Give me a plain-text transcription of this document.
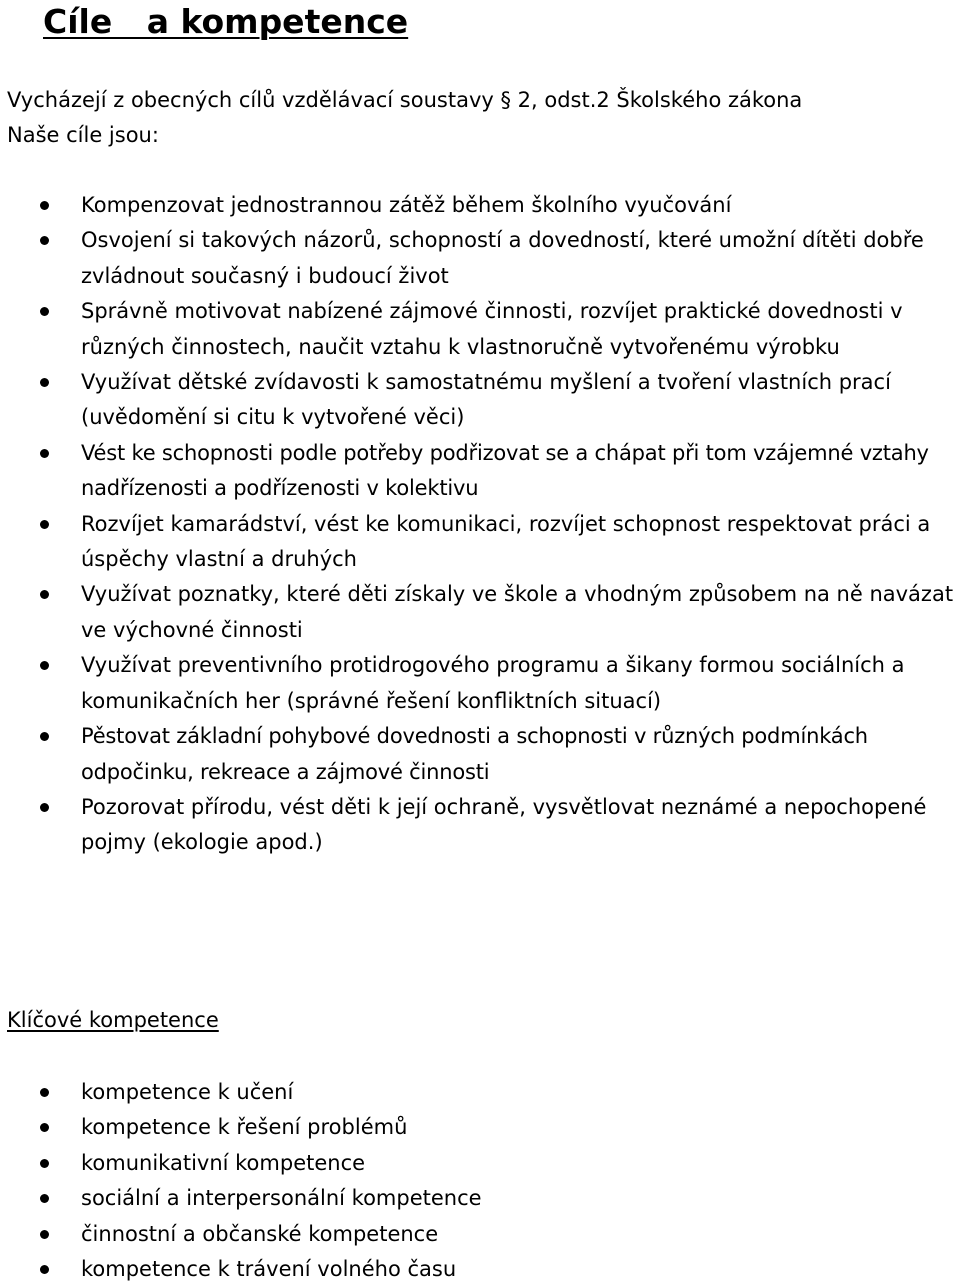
Cíle   a kompetence

Vycházejí z obecných cílů vzdělávací soustavy § 2, odst.2 Školského zákona

Naše cíle jsou:

Kompenzovat jednostrannou zátěž během školního vyučování
Osvojení si takových názorů, schopností a dovedností, které umožní dítěti dobře zvládnout současný i budoucí život
Správně motivovat nabízené zájmové činnosti, rozvíjet praktické dovednosti v různých činnostech, naučit vztahu k vlastnoručně vytvořenému výrobku
Využívat dětské zvídavosti k samostatnému myšlení a tvoření vlastních prací (uvědomění si citu k vytvořené věci)
Vést ke schopnosti podle potřeby podřizovat se a chápat při tom vzájemné vztahy nadřízenosti a podřízenosti v kolektivu
Rozvíjet kamarádství, vést ke komunikaci, rozvíjet schopnost respektovat práci a úspěchy vlastní a druhých
Využívat poznatky, které děti získaly ve škole a vhodným způsobem na ně navázat ve výchovné činnosti
Využívat preventivního protidrogového programu a šikany formou sociálních a komunikačních her (správné řešení konfliktních situací)
Pěstovat základní pohybové dovednosti a schopnosti v různých podmínkách odpočinku, rekreace a zájmové činnosti
Pozorovat přírodu, vést děti k její ochraně, vysvětlovat neznámé a nepochopené pojmy (ekologie apod.)
Klíčové kompetence
kompetence k učení
kompetence k řešení problémů
komunikativní kompetence
sociální a interpersonální kompetence
činnostní a občanské kompetence
kompetence k trávení volného času
